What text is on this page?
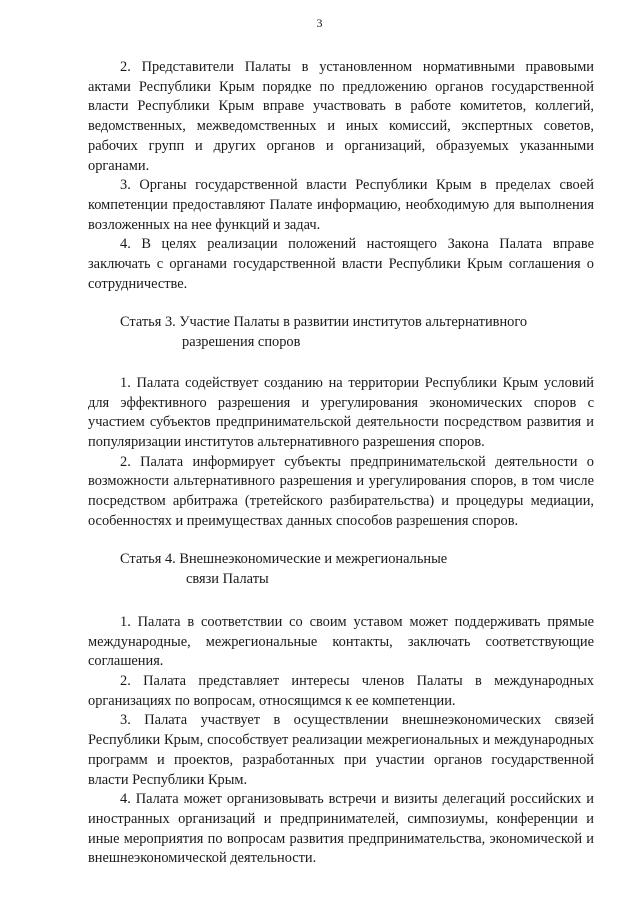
3

2. Представители Палаты в установленном нормативными правовыми актами Республики Крым порядке по предложению органов государственной власти Республики Крым вправе участвовать в работе комитетов, коллегий, ведомственных, межведомственных и иных комиссий, экспертных советов, рабочих групп и других органов и организаций, образуемых указанными органами.

3. Органы государственной власти Республики Крым в пределах своей компетенции предоставляют Палате информацию, необходимую для выполнения возложенных на нее функций и задач.

4. В целях реализации положений настоящего Закона Палата вправе заключать с органами государственной власти Республики Крым соглашения о сотрудничестве.

Статья 3. Участие Палаты в развитии институтов альтернативного
разрешения споров

1. Палата содействует созданию на территории Республики Крым условий для эффективного разрешения и урегулирования экономических споров с участием субъектов предпринимательской деятельности посредством развития и популяризации институтов альтернативного разрешения споров.

2. Палата информирует субъекты предпринимательской деятельности о возможности альтернативного разрешения и урегулирования споров, в том числе посредством арбитража (третейского разбирательства) и процедуры медиации, особенностях и преимуществах данных способов разрешения споров.

Статья 4. Внешнеэкономические и межрегиональные
связи Палаты

1. Палата в соответствии со своим уставом может поддерживать прямые международные, межрегиональные контакты, заключать соответствующие соглашения.

2. Палата представляет интересы членов Палаты в международных организациях по вопросам, относящимся к ее компетенции.

3. Палата участвует в осуществлении внешнеэкономических связей Республики Крым, способствует реализации межрегиональных и международных программ и проектов, разработанных при участии органов государственной власти Республики Крым.

4. Палата может организовывать встречи и визиты делегаций российских и иностранных организаций и предпринимателей, симпозиумы, конференции и иные мероприятия по вопросам развития предпринимательства, экономической и внешнеэкономической деятельности.
